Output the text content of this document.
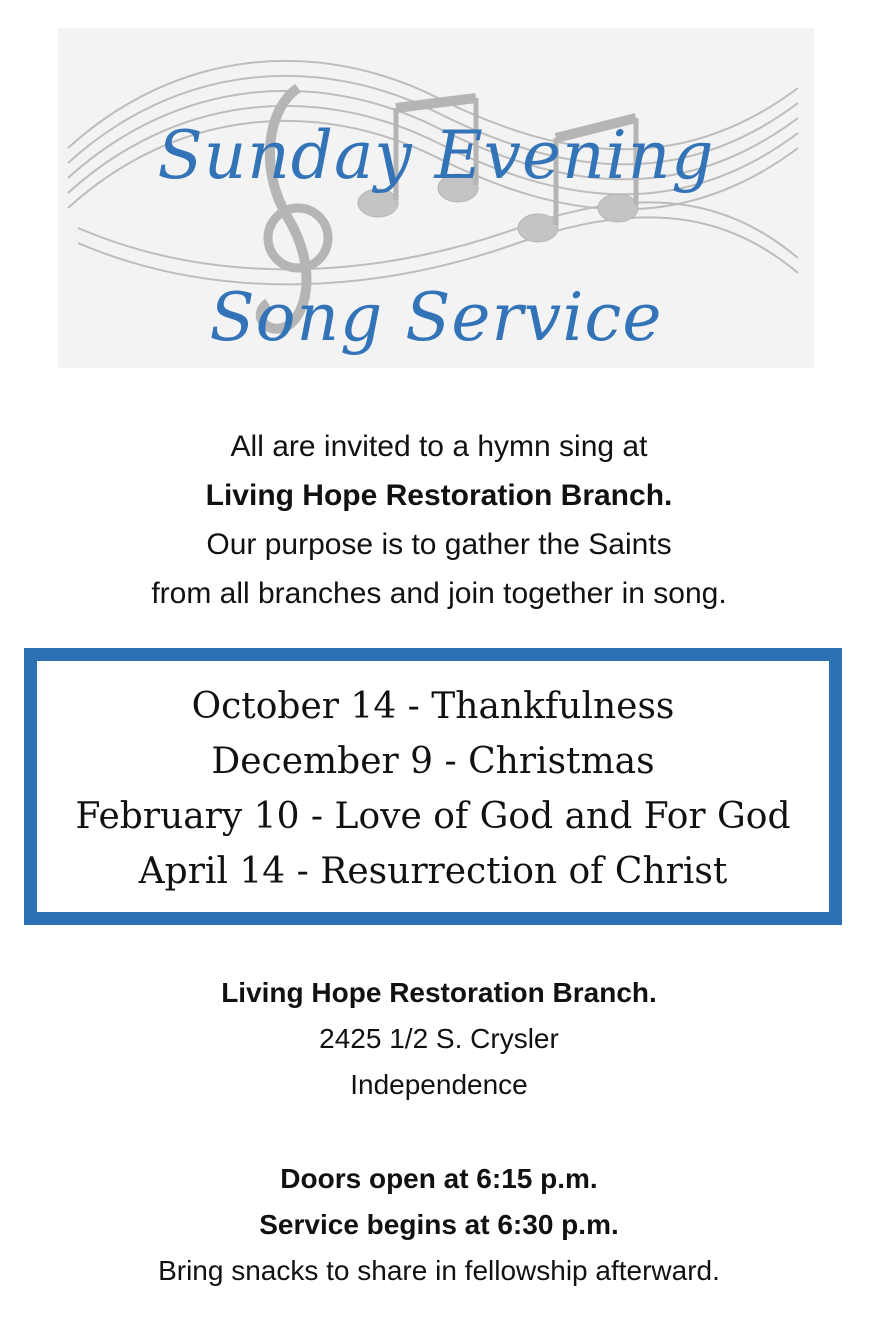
Sunday Evening
Song Service
All are invited to a hymn sing at
Living Hope Restoration Branch.
Our purpose is to gather the Saints
from all branches and join together in song.
October 14 - Thankfulness
December 9 - Christmas
February 10 - Love of God and For God
April 14 - Resurrection of Christ
Living Hope Restoration Branch.
2425 1/2 S. Crysler
Independence
Doors open at 6:15 p.m.
Service begins at 6:30 p.m.
Bring snacks to share in fellowship afterward.
